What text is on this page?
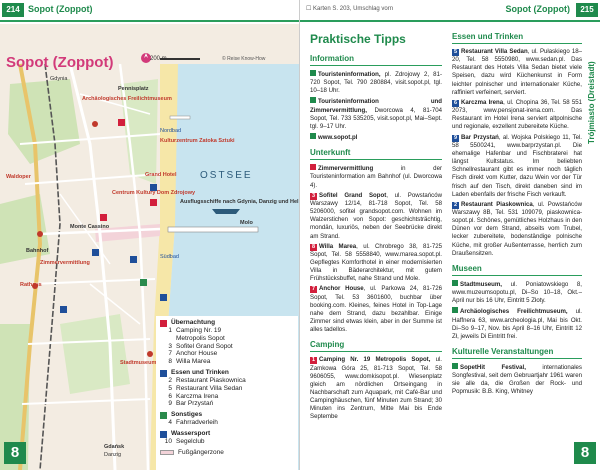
214 Sopot (Zoppot)
Sopot (Zoppot)	200 m	© Reise Know-How
OSTSEE
Gdynia
Archäologisches Freilichtmuseum
Pennisplatz
Nordbad
Kulturzentrum Zatoka Sztuki
Grand Hotel
Centrum Kultury Dom Zdrojowy
Ausflugsschiffe nach Gdynia, Danzig und Hel
Molo
Südbad
Waldoper
Bahnhof
Monte Cassino
Zimmervermittlung
Rathaus
Stadtmuseum
Gdańsk
Danzig
Übernachtung
1 Camping Nr. 19
Metropolis Sopot
3 Sofitel Grand Sopot
7 Anchor House
8 Willa Marea
Essen und Trinken
2 Restaurant Piaskownica
5 Restaurant Villa Sedan
6 Karczma Irena
9 Bar Przystań
Sonstiges
4 Fahrradverleih
Wassersport
10 Segelclub
Fußgängerzone
8
☐ Karten S. 203, Umschlag vorn	Sopot (Zoppot)	215
Trójmiasto (Dreistadt)
Praktische Tipps
Information
Touristeninformation, pl. Zdrojowy 2, 81-720 Sopot, Tel. 790 280884, visit.sopot.pl, tgl. 10–18 Uhr.
Touristeninformation und Zimmervermittlung, Dworcowa 4, 81-704 Sopot, Tel. 733 535205, visit.sopot.pl, Mai–Sept. tgl. 9–17 Uhr.
www.sopot.pl
Unterkunft
Zimmervermittlung	in der Touristeninformation am Bahnhof (ul. Dworcowa 4).
3 Sofitel Grand Sopot, ul. Powstańców Warszawy 12/14, 81-718 Sopot, Tel. 58 5206000, sofitel grandsopot.com. Wohnen im Walzerstichen von Sopot: geschichtsträchtig, mondän, luxuriös, neben der Seebrücke direkt am Strand.
8 Willa Marea, ul. Chrobrego 38, 81-725 Sopot, Tel. 58 5558840, www.marea.sopot.pl. Gepflegtes Komforthotel in einer modernisierten Villa in Bäderarchitektur, mit gutem Frühstücksbuffet, nahe Strand und Mole.
7 Anchor House, ul. Parkowa 24, 81-726 Sopot, Tel. 53 3601600, buchbar über booking.com. Kleines, feines Hotel in Top-Lage nahe dem Strand, dazu bezahlbar. Einige Zimmer sind etwas klein, aber in der Summe ist alles tadellos.
Camping
1 Camping Nr. 19 Metropolis Sopot, ul. Zamkowa Góra 25, 81-713 Sopot, Tel. 58 9606055, www.domkisopot.pl. Wiesenplatz gleich am nördlichen Ortseingang in Nachbarschaft zum Aquapark, mit Café-Bar und Campinghäuschen, fünf Minuten zum Strand; 30 Minuten ins Zentrum, Mitte Mai bis Ende Septembe
Essen und Trinken
5 Restaurant Villa Sedan, ul. Pułaskiego 18–20, Tel. 58 5550980, www.sedan.pl. Das Restaurant des Hotels Villa Sedan bietet viele Speisen, dazu wird Küchenkunst in Form leichter polnischer und internationaler Küche, raffiniert verfeinert, serviert.
6 Karczma Irena, ul. Chopina 36, Tel. 58 551 2073, www.pensjonat-irena.com. Das Restaurant im Hotel Irena serviert altpolnische und regionale, exzellent zubereitete Küche.
9 Bar Przystań, al. Wojska Polskiego 11, Tel. 58 5500241, www.barprzystan.pl. Die ehemalige Hafenbar und Fischbraterei hat längst Kultstatus. Im beliebten Schnellrestaurant gibt es immer noch täglich Fisch direkt vom Kutter, dazu Wein vor der Tür frisch auf den Tisch, direkt daneben sind im Laden ebenfalls der frische Fisch verkauft.
2 Restaurant Piaskownica, ul. Powstańców Warszawy 8B, Tel. 531 109079, piaskownica-sopot.pl. Schönes, gemütliches Holzhaus in den Dünen vor dem Strand, abseits vom Trubel, lecker zubereitete, bodenständige polnische Küche, mit großer Außenterrasse, herrlich zum Draußensitzen.
Museen
Stadtmuseum, ul. Poniatowskiego 8, www.muzeumsopotu.pl, Di–So 10–18, Okt.–April nur bis 16 Uhr, Eintritt 5 Złoty.
Archäologisches Freilichtmuseum, ul. Haffnera 63, www.archeologia.pl, Mai bis Okt. Di–So 9–17, Nov. bis April 8–16 Uhr, Eintritt 12 Zł, jeweils Di Eintritt frei.
Kulturelle Veranstaltungen
SopetHit Festival,	internationales Songfestival, seit dem Gebruartjahr 1961 waren sie alle da, die Großen der Rock- und Popmusik: B.B. King, Whitney
8
